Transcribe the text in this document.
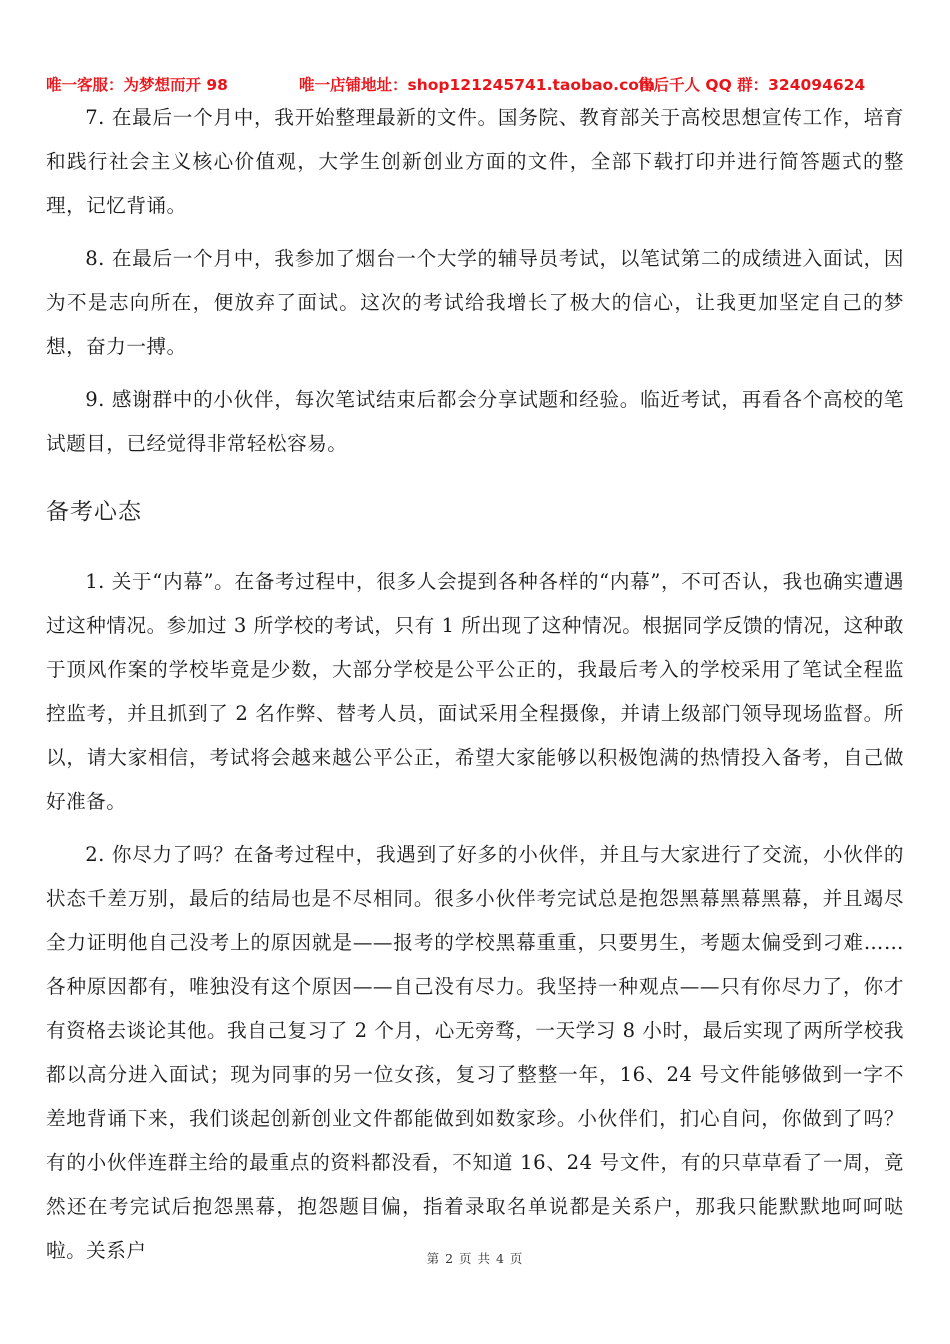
唯一客服：为梦想而开 98	唯一店铺地址：shop121245741.taobao.com
售后千人 QQ 群：324094624

7. 在最后一个月中，我开始整理最新的文件。国务院、教育部关于高校思想宣传工作，培育和践行社会主义核心价值观，大学生创新创业方面的文件，全部下载打印并进行简答题式的整理，记忆背诵。

8. 在最后一个月中，我参加了烟台一个大学的辅导员考试，以笔试第二的成绩进入面试，因为不是志向所在，便放弃了面试。这次的考试给我增长了极大的信心，让我更加坚定自己的梦想，奋力一搏。

9. 感谢群中的小伙伴，每次笔试结束后都会分享试题和经验。临近考试，再看各个高校的笔试题目，已经觉得非常轻松容易。

备考心态

1. 关于“内幕”。在备考过程中，很多人会提到各种各样的“内幕”，不可否认，我也确实遭遇过这种情况。参加过 3 所学校的考试，只有 1 所出现了这种情况。根据同学反馈的情况，这种敢于顶风作案的学校毕竟是少数，大部分学校是公平公正的，我最后考入的学校采用了笔试全程监控监考，并且抓到了 2 名作弊、替考人员，面试采用全程摄像，并请上级部门领导现场监督。所以，请大家相信，考试将会越来越公平公正，希望大家能够以积极饱满的热情投入备考，自己做好准备。

2. 你尽力了吗？在备考过程中，我遇到了好多的小伙伴，并且与大家进行了交流，小伙伴的状态千差万别，最后的结局也是不尽相同。很多小伙伴考完试总是抱怨黑幕黑幕黑幕，并且竭尽全力证明他自己没考上的原因就是——报考的学校黑幕重重，只要男生，考题太偏受到刁难……各种原因都有，唯独没有这个原因——自己没有尽力。我坚持一种观点——只有你尽力了，你才有资格去谈论其他。我自己复习了 2 个月，心无旁骛，一天学习 8 小时，最后实现了两所学校我都以高分进入面试；现为同事的另一位女孩，复习了整整一年，16、24 号文件能够做到一字不差地背诵下来，我们谈起创新创业文件都能做到如数家珍。小伙伴们，扪心自问，你做到了吗？有的小伙伴连群主给的最重点的资料都没看，不知道 16、24 号文件，有的只草草看了一周，竟然还在考完试后抱怨黑幕，抱怨题目偏，指着录取名单说都是关系户，那我只能默默地呵呵哒啦。关系户	第 2 页 共 4 页
